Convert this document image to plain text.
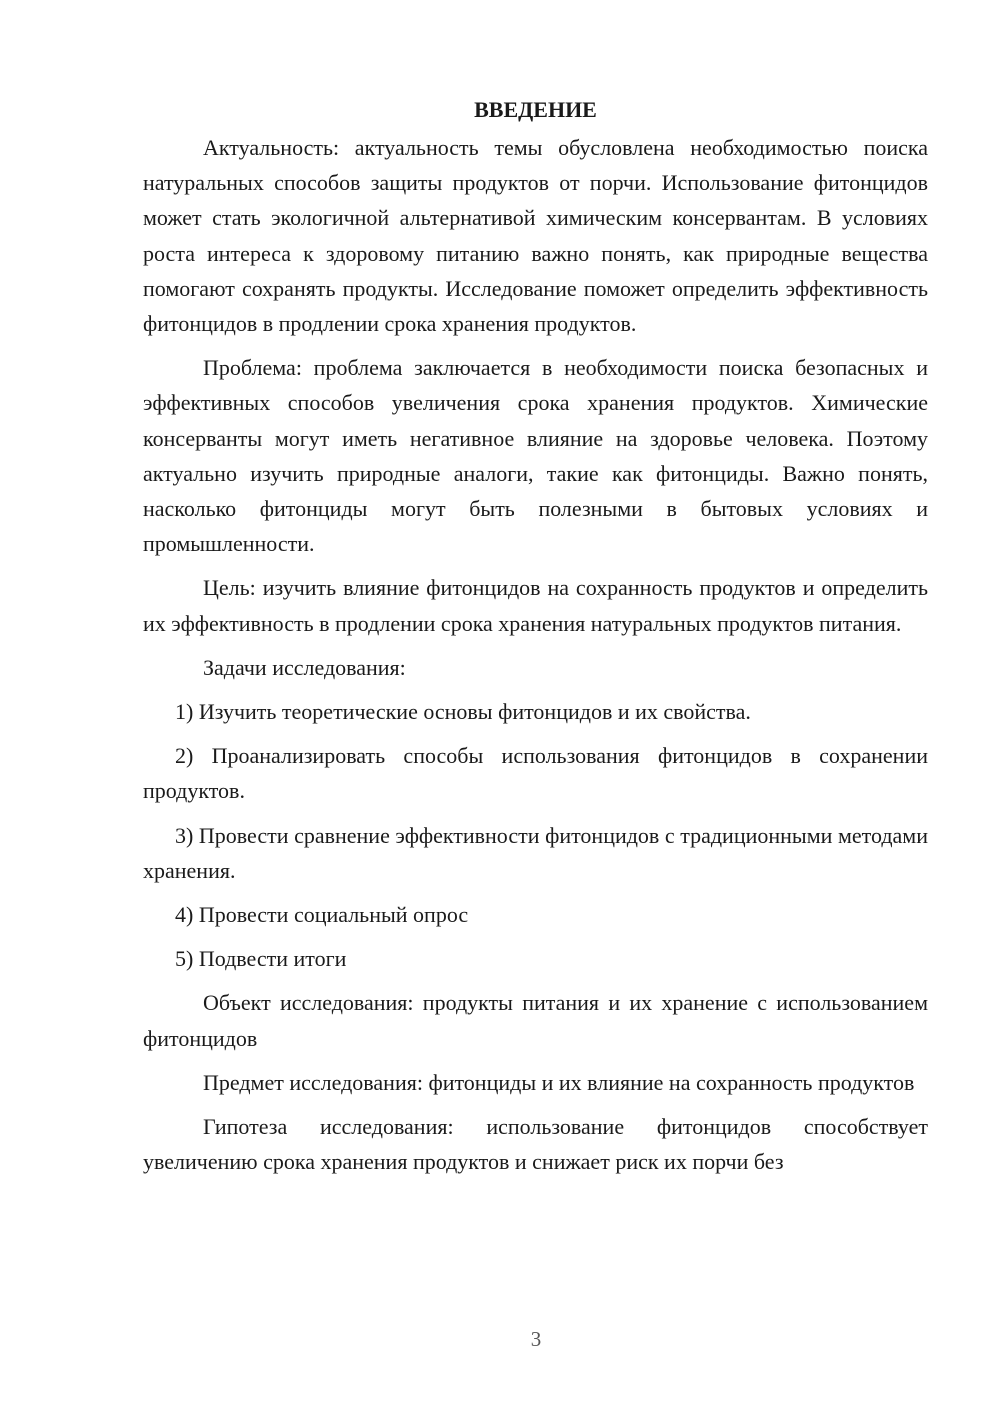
ВВЕДЕНИЕ

Актуальность: актуальность темы обусловлена необходимостью поиска натуральных способов защиты продуктов от порчи. Использование фитонцидов может стать экологичной альтернативой химическим консервантам. В условиях роста интереса к здоровому питанию важно понять, как природные вещества помогают сохранять продукты. Исследование поможет определить эффективность фитонцидов в продлении срока хранения продуктов.

Проблема: проблема заключается в необходимости поиска безопасных и эффективных способов увеличения срока хранения продуктов. Химические консерванты могут иметь негативное влияние на здоровье человека. Поэтому актуально изучить природные аналоги, такие как фитонциды. Важно понять, насколько фитонциды могут быть полезными в бытовых условиях и промышленности.

Цель: изучить влияние фитонцидов на сохранность продуктов и определить их эффективность в продлении срока хранения натуральных продуктов питания.

Задачи исследования:

1) Изучить теоретические основы фитонцидов и их свойства.

2) Проанализировать способы использования фитонцидов в сохранении продуктов.

3) Провести сравнение эффективности фитонцидов с традиционными методами хранения.

4) Провести социальный опрос

5) Подвести итоги

Объект исследования: продукты питания и их хранение с использованием фитонцидов

Предмет исследования: фитонциды и их влияние на сохранность продуктов

Гипотеза исследования: использование фитонцидов способствует увеличению срока хранения продуктов и снижает риск их порчи без

3
